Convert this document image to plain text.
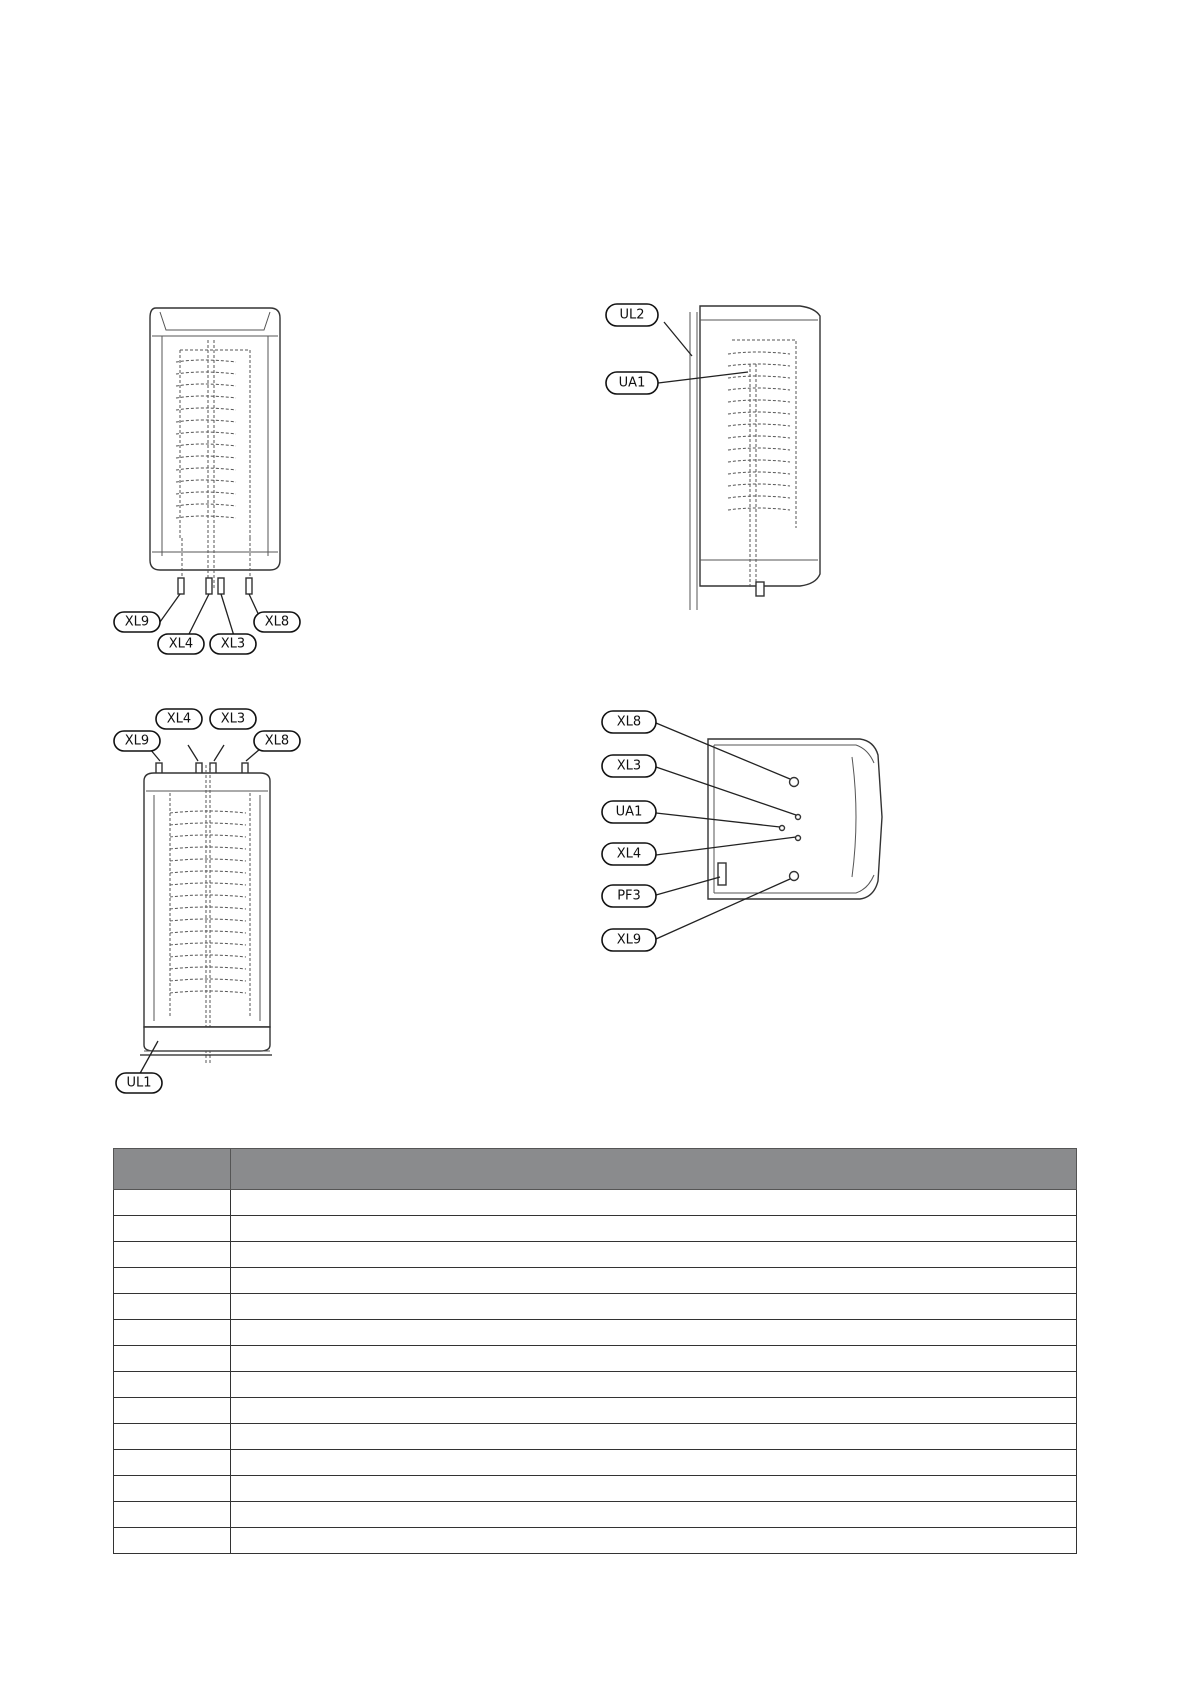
XL9
XL4 XL3
XL8
UL2
UA1
XL4 XL3
XL9	XL8
UL1
XL8
XL3
UA1
XL4
PF3
XL9
